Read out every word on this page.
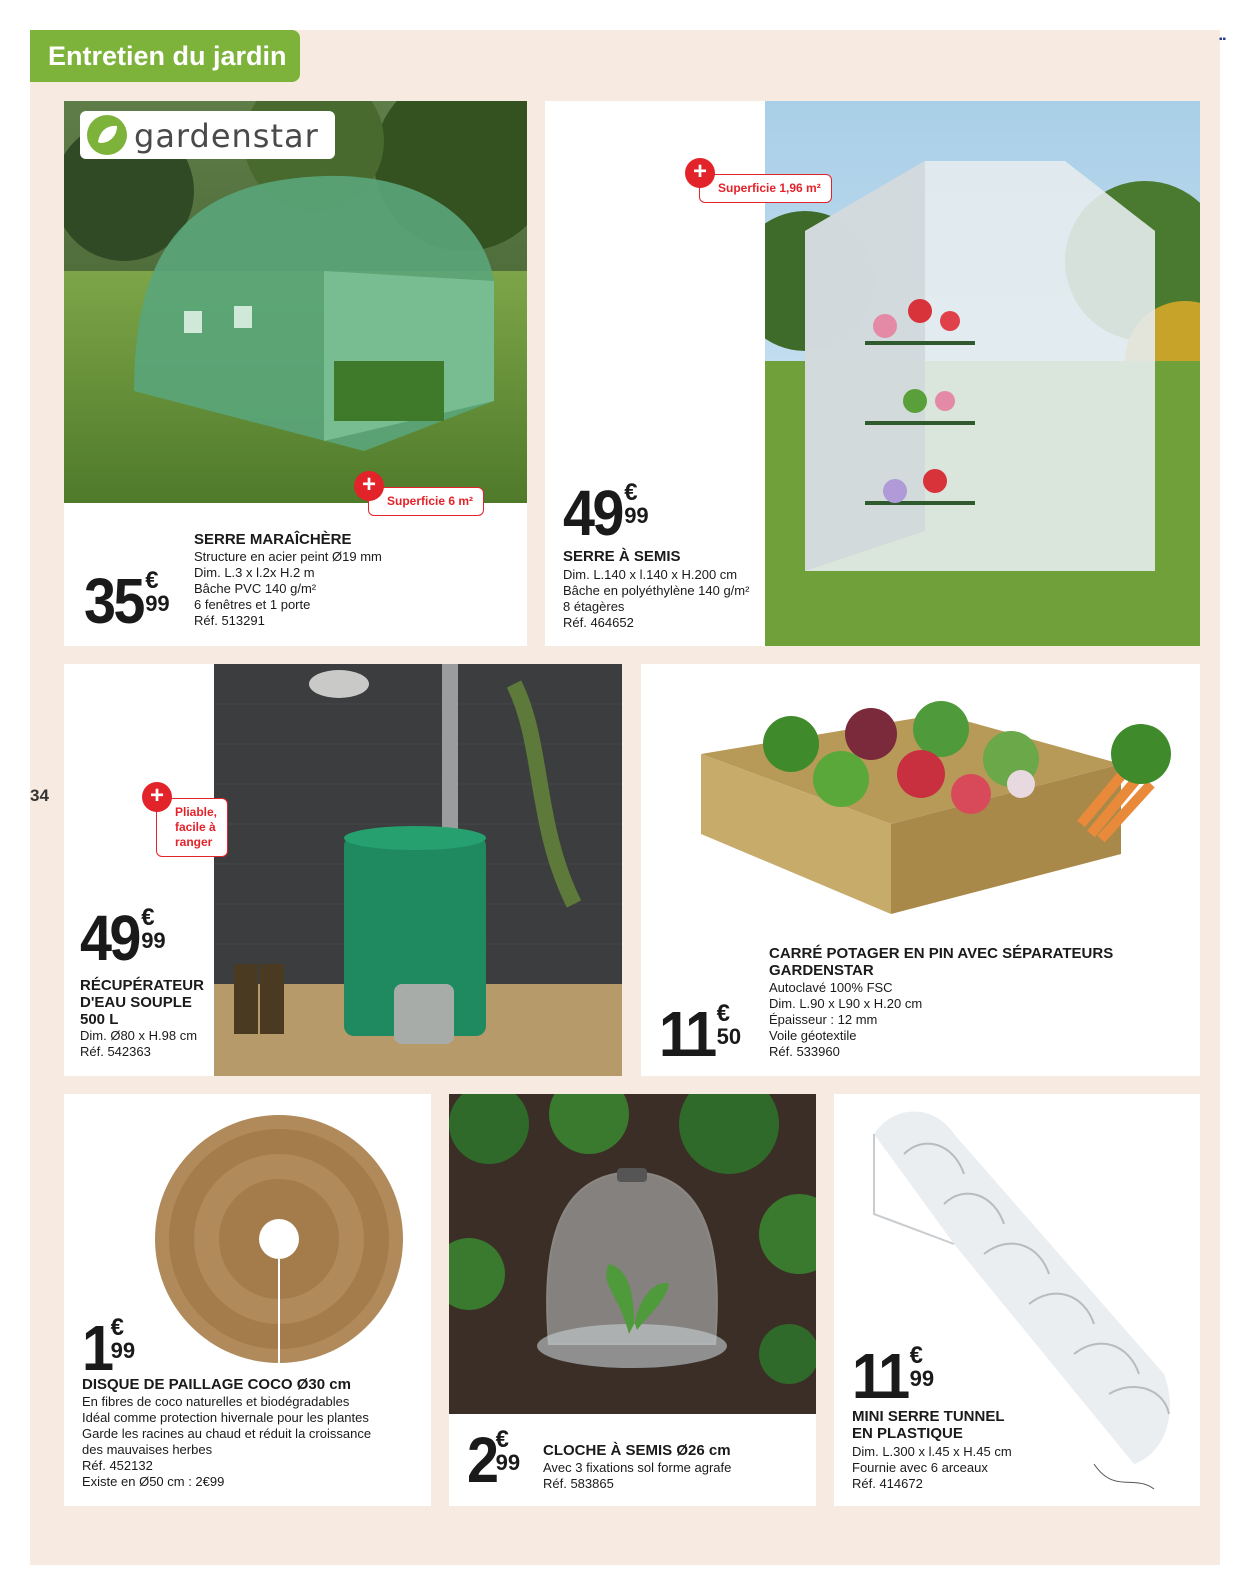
Entretien du jardin
34
▪▪
gardenstar
+
Superficie 6 m²
35 €
99
SERRE MARAÎCHÈRE
Structure en acier peint Ø19 mm
Dim. L.3 x l.2x H.2 m
Bâche PVC 140 g/m²
6 fenêtres et 1 porte
Réf. 513291
+
Superficie 1,96 m²
49 €
99
SERRE À SEMIS
Dim. L.140 x l.140 x H.200 cm
Bâche en polyéthylène 140 g/m²
8 étagères
Réf. 464652
+
Pliable,
facile à ranger
49 €
99
RÉCUPÉRATEUR
D'EAU SOUPLE
500 L
Dim. Ø80 x H.98 cm
Réf. 542363	11 €
50
CARRÉ POTAGER EN PIN AVEC SÉPARATEURS
GARDENSTAR
Autoclavé 100% FSC
Dim. L.90 x L90 x H.20 cm
Épaisseur : 12 mm
Voile géotextile
Réf. 533960
1 €
99
DISQUE DE PAILLAGE COCO Ø30 cm
En fibres de coco naturelles et biodégradables
Idéal comme protection hivernale pour les plantes
Garde les racines au chaud et réduit la croissance
des mauvaises herbes
Réf. 452132
Existe en Ø50 cm : 2€99	2 €
99 CLOCHE À SEMIS Ø26 cm
Avec 3 fixations sol forme agrafe
Réf. 583865
11 €
99
MINI SERRE TUNNEL
EN PLASTIQUE
Dim. L.300 x l.45 x H.45 cm
Fournie avec 6 arceaux
Réf. 414672
